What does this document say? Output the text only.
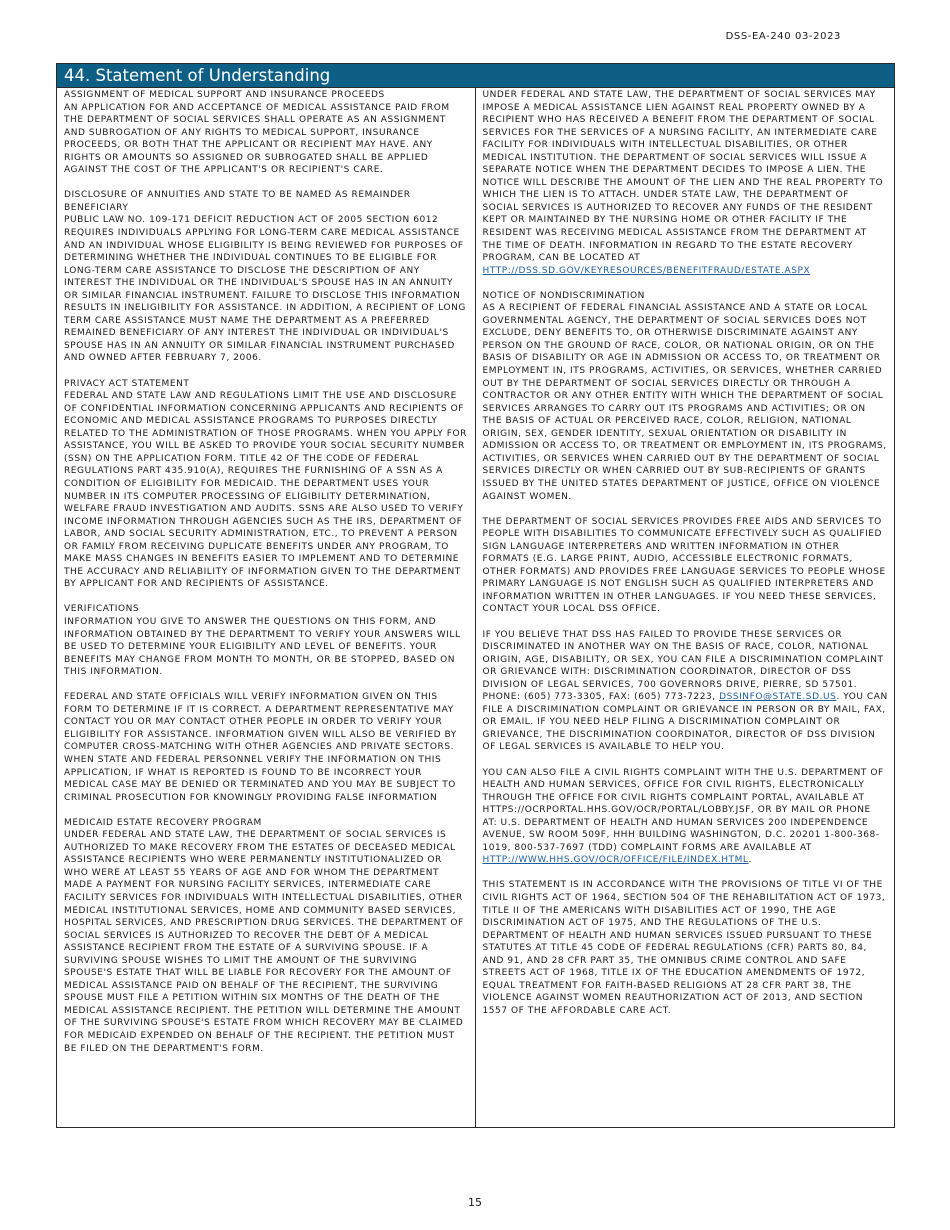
DSS-EA-240 03-2023
44. Statement of Understanding

ASSIGNMENT OF MEDICAL SUPPORT AND INSURANCE PROCEEDS

AN APPLICATION FOR AND ACCEPTANCE OF MEDICAL ASSISTANCE PAID FROM THE DEPARTMENT OF SOCIAL SERVICES SHALL OPERATE AS AN ASSIGNMENT AND SUBROGATION OF ANY RIGHTS TO MEDICAL SUPPORT, INSURANCE PROCEEDS, OR BOTH THAT THE APPLICANT OR RECIPIENT MAY HAVE. ANY RIGHTS OR AMOUNTS SO ASSIGNED OR SUBROGATED SHALL BE APPLIED AGAINST THE COST OF THE APPLICANT'S OR RECIPIENT'S CARE.

DISCLOSURE OF ANNUITIES AND STATE TO BE NAMED AS REMAINDER BENEFICIARY

PUBLIC LAW NO. 109-171 DEFICIT REDUCTION ACT OF 2005 SECTION 6012 REQUIRES INDIVIDUALS APPLYING FOR LONG-TERM CARE MEDICAL ASSISTANCE AND AN INDIVIDUAL WHOSE ELIGIBILITY IS BEING REVIEWED FOR PURPOSES OF DETERMINING WHETHER THE INDIVIDUAL CONTINUES TO BE ELIGIBLE FOR LONG-TERM CARE ASSISTANCE TO DISCLOSE THE DESCRIPTION OF ANY INTEREST THE INDIVIDUAL OR THE INDIVIDUAL'S SPOUSE HAS IN AN ANNUITY OR SIMILAR FINANCIAL INSTRUMENT. FAILURE TO DISCLOSE THIS INFORMATION RESULTS IN INELIGIBILITY FOR ASSISTANCE. IN ADDITION, A RECIPIENT OF LONG TERM CARE ASSISTANCE MUST NAME THE DEPARTMENT AS A PREFERRED REMAINED BENEFICIARY OF ANY INTEREST THE INDIVIDUAL OR INDIVIDUAL'S SPOUSE HAS IN AN ANNUITY OR SIMILAR FINANCIAL INSTRUMENT PURCHASED AND OWNED AFTER FEBRUARY 7, 2006.

PRIVACY ACT STATEMENT

FEDERAL AND STATE LAW AND REGULATIONS LIMIT THE USE AND DISCLOSURE OF CONFIDENTIAL INFORMATION CONCERNING APPLICANTS AND RECIPIENTS OF ECONOMIC AND MEDICAL ASSISTANCE PROGRAMS TO PURPOSES DIRECTLY RELATED TO THE ADMINISTRATION OF THOSE PROGRAMS. WHEN YOU APPLY FOR ASSISTANCE, YOU WILL BE ASKED TO PROVIDE YOUR SOCIAL SECURITY NUMBER (SSN) ON THE APPLICATION FORM. TITLE 42 OF THE CODE OF FEDERAL REGULATIONS PART 435.910(A), REQUIRES THE FURNISHING OF A SSN AS A CONDITION OF ELIGIBILITY FOR MEDICAID. THE DEPARTMENT USES YOUR NUMBER IN ITS COMPUTER PROCESSING OF ELIGIBILITY DETERMINATION, WELFARE FRAUD INVESTIGATION AND AUDITS. SSNS ARE ALSO USED TO VERIFY INCOME INFORMATION THROUGH AGENCIES SUCH AS THE IRS, DEPARTMENT OF LABOR, AND SOCIAL SECURITY ADMINISTRATION, ETC., TO PREVENT A PERSON OR FAMILY FROM RECEIVING DUPLICATE BENEFITS UNDER ANY PROGRAM, TO MAKE MASS CHANGES IN BENEFITS EASIER TO IMPLEMENT AND TO DETERMINE THE ACCURACY AND RELIABILITY OF INFORMATION GIVEN TO THE DEPARTMENT BY APPLICANT FOR AND RECIPIENTS OF ASSISTANCE.

VERIFICATIONS

INFORMATION YOU GIVE TO ANSWER THE QUESTIONS ON THIS FORM, AND INFORMATION OBTAINED BY THE DEPARTMENT TO VERIFY YOUR ANSWERS WILL BE USED TO DETERMINE YOUR ELIGIBILITY AND LEVEL OF BENEFITS. YOUR BENEFITS MAY CHANGE FROM MONTH TO MONTH, OR BE STOPPED, BASED ON THIS INFORMATION.

FEDERAL AND STATE OFFICIALS WILL VERIFY INFORMATION GIVEN ON THIS FORM TO DETERMINE IF IT IS CORRECT. A DEPARTMENT REPRESENTATIVE MAY CONTACT YOU OR MAY CONTACT OTHER PEOPLE IN ORDER TO VERIFY YOUR ELIGIBILITY FOR ASSISTANCE. INFORMATION GIVEN WILL ALSO BE VERIFIED BY COMPUTER CROSS-MATCHING WITH OTHER AGENCIES AND PRIVATE SECTORS. WHEN STATE AND FEDERAL PERSONNEL VERIFY THE INFORMATION ON THIS APPLICATION, IF WHAT IS REPORTED IS FOUND TO BE INCORRECT YOUR MEDICAL CASE MAY BE DENIED OR TERMINATED AND YOU MAY BE SUBJECT TO CRIMINAL PROSECUTION FOR KNOWINGLY PROVIDING FALSE INFORMATION

MEDICAID ESTATE RECOVERY PROGRAM

UNDER FEDERAL AND STATE LAW, THE DEPARTMENT OF SOCIAL SERVICES IS AUTHORIZED TO MAKE RECOVERY FROM THE ESTATES OF DECEASED MEDICAL ASSISTANCE RECIPIENTS WHO WERE PERMANENTLY INSTITUTIONALIZED OR WHO WERE AT LEAST 55 YEARS OF AGE AND FOR WHOM THE DEPARTMENT MADE A PAYMENT FOR NURSING FACILITY SERVICES, INTERMEDIATE CARE FACILITY SERVICES FOR INDIVIDUALS WITH INTELLECTUAL DISABILITIES, OTHER MEDICAL INSTITUTIONAL SERVICES, HOME AND COMMUNITY BASED SERVICES, HOSPITAL SERVICES, AND PRESCRIPTION DRUG SERVICES. THE DEPARTMENT OF SOCIAL SERVICES IS AUTHORIZED TO RECOVER THE DEBT OF A MEDICAL ASSISTANCE RECIPIENT FROM THE ESTATE OF A SURVIVING SPOUSE. IF A SURVIVING SPOUSE WISHES TO LIMIT THE AMOUNT OF THE SURVIVING SPOUSE'S ESTATE THAT WILL BE LIABLE FOR RECOVERY FOR THE AMOUNT OF MEDICAL ASSISTANCE PAID ON BEHALF OF THE RECIPIENT, THE SURVIVING SPOUSE MUST FILE A PETITION WITHIN SIX MONTHS OF THE DEATH OF THE MEDICAL ASSISTANCE RECIPIENT. THE PETITION WILL DETERMINE THE AMOUNT OF THE SURVIVING SPOUSE'S ESTATE FROM WHICH RECOVERY MAY BE CLAIMED FOR MEDICAID EXPENDED ON BEHALF OF THE RECIPIENT. THE PETITION MUST BE FILED ON THE DEPARTMENT'S FORM.

UNDER FEDERAL AND STATE LAW, THE DEPARTMENT OF SOCIAL SERVICES MAY IMPOSE A MEDICAL ASSISTANCE LIEN AGAINST REAL PROPERTY OWNED BY A RECIPIENT WHO HAS RECEIVED A BENEFIT FROM THE DEPARTMENT OF SOCIAL SERVICES FOR THE SERVICES OF A NURSING FACILITY, AN INTERMEDIATE CARE FACILITY FOR INDIVIDUALS WITH INTELLECTUAL DISABILITIES, OR OTHER MEDICAL INSTITUTION. THE DEPARTMENT OF SOCIAL SERVICES WILL ISSUE A SEPARATE NOTICE WHEN THE DEPARTMENT DECIDES TO IMPOSE A LIEN. THE NOTICE WILL DESCRIBE THE AMOUNT OF THE LIEN AND THE REAL PROPERTY TO WHICH THE LIEN IS TO ATTACH. UNDER STATE LAW, THE DEPARTMENT OF SOCIAL SERVICES IS AUTHORIZED TO RECOVER ANY FUNDS OF THE RESIDENT KEPT OR MAINTAINED BY THE NURSING HOME OR OTHER FACILITY IF THE RESIDENT WAS RECEIVING MEDICAL ASSISTANCE FROM THE DEPARTMENT AT THE TIME OF DEATH. INFORMATION IN REGARD TO THE ESTATE RECOVERY PROGRAM, CAN BE LOCATED AT HTTP://DSS.SD.GOV/KEYRESOURCES/BENEFITFRAUD/ESTATE.ASPX

NOTICE OF NONDISCRIMINATION

AS A RECIPIENT OF FEDERAL FINANCIAL ASSISTANCE AND A STATE OR LOCAL GOVERNMENTAL AGENCY, THE DEPARTMENT OF SOCIAL SERVICES DOES NOT EXCLUDE, DENY BENEFITS TO, OR OTHERWISE DISCRIMINATE AGAINST ANY PERSON ON THE GROUND OF RACE, COLOR, OR NATIONAL ORIGIN, OR ON THE BASIS OF DISABILITY OR AGE IN ADMISSION OR ACCESS TO, OR TREATMENT OR EMPLOYMENT IN, ITS PROGRAMS, ACTIVITIES, OR SERVICES, WHETHER CARRIED OUT BY THE DEPARTMENT OF SOCIAL SERVICES DIRECTLY OR THROUGH A CONTRACTOR OR ANY OTHER ENTITY WITH WHICH THE DEPARTMENT OF SOCIAL SERVICES ARRANGES TO CARRY OUT ITS PROGRAMS AND ACTIVITIES; OR ON THE BASIS OF ACTUAL OR PERCEIVED RACE, COLOR, RELIGION, NATIONAL ORIGIN, SEX, GENDER IDENTITY, SEXUAL ORIENTATION OR DISABILITY IN ADMISSION OR ACCESS TO, OR TREATMENT OR EMPLOYMENT IN, ITS PROGRAMS, ACTIVITIES, OR SERVICES WHEN CARRIED OUT BY THE DEPARTMENT OF SOCIAL SERVICES DIRECTLY OR WHEN CARRIED OUT BY SUB-RECIPIENTS OF GRANTS ISSUED BY THE UNITED STATES DEPARTMENT OF JUSTICE, OFFICE ON VIOLENCE AGAINST WOMEN.

THE DEPARTMENT OF SOCIAL SERVICES PROVIDES FREE AIDS AND SERVICES TO PEOPLE WITH DISABILITIES TO COMMUNICATE EFFECTIVELY SUCH AS QUALIFIED SIGN LANGUAGE INTERPRETERS AND WRITTEN INFORMATION IN OTHER FORMATS (E.G. LARGE PRINT, AUDIO, ACCESSIBLE ELECTRONIC FORMATS, OTHER FORMATS) AND PROVIDES FREE LANGUAGE SERVICES TO PEOPLE WHOSE PRIMARY LANGUAGE IS NOT ENGLISH SUCH AS QUALIFIED INTERPRETERS AND INFORMATION WRITTEN IN OTHER LANGUAGES. IF YOU NEED THESE SERVICES, CONTACT YOUR LOCAL DSS OFFICE.

IF YOU BELIEVE THAT DSS HAS FAILED TO PROVIDE THESE SERVICES OR DISCRIMINATED IN ANOTHER WAY ON THE BASIS OF RACE, COLOR, NATIONAL ORIGIN, AGE, DISABILITY, OR SEX, YOU CAN FILE A DISCRIMINATION COMPLAINT OR GRIEVANCE WITH: DISCRIMINATION COORDINATOR, DIRECTOR OF DSS DIVISION OF LEGAL SERVICES, 700 GOVERNORS DRIVE, PIERRE, SD 57501. PHONE: (605) 773-3305, FAX: (605) 773-7223, DSSINFO@STATE.SD.US. YOU CAN FILE A DISCRIMINATION COMPLAINT OR GRIEVANCE IN PERSON OR BY MAIL, FAX, OR EMAIL. IF YOU NEED HELP FILING A DISCRIMINATION COMPLAINT OR GRIEVANCE, THE DISCRIMINATION COORDINATOR, DIRECTOR OF DSS DIVISION OF LEGAL SERVICES IS AVAILABLE TO HELP YOU.

YOU CAN ALSO FILE A CIVIL RIGHTS COMPLAINT WITH THE U.S. DEPARTMENT OF HEALTH AND HUMAN SERVICES, OFFICE FOR CIVIL RIGHTS, ELECTRONICALLY THROUGH THE OFFICE FOR CIVIL RIGHTS COMPLAINT PORTAL, AVAILABLE AT HTTPS://OCRPORTAL.HHS.GOV/OCR/PORTAL/LOBBY.JSF, OR BY MAIL OR PHONE AT: U.S. DEPARTMENT OF HEALTH AND HUMAN SERVICES 200 INDEPENDENCE AVENUE, SW ROOM 509F, HHH BUILDING WASHINGTON, D.C. 20201 1-800-368-1019, 800-537-7697 (TDD) COMPLAINT FORMS ARE AVAILABLE AT HTTP://WWW.HHS.GOV/OCR/OFFICE/FILE/INDEX.HTML.

THIS STATEMENT IS IN ACCORDANCE WITH THE PROVISIONS OF TITLE VI OF THE CIVIL RIGHTS ACT OF 1964, SECTION 504 OF THE REHABILITATION ACT OF 1973, TITLE II OF THE AMERICANS WITH DISABILITIES ACT OF 1990, THE AGE DISCRIMINATION ACT OF 1975, AND THE REGULATIONS OF THE U.S. DEPARTMENT OF HEALTH AND HUMAN SERVICES ISSUED PURSUANT TO THESE STATUTES AT TITLE 45 CODE OF FEDERAL REGULATIONS (CFR) PARTS 80, 84, AND 91, AND 28 CFR PART 35, THE OMNIBUS CRIME CONTROL AND SAFE STREETS ACT OF 1968, TITLE IX OF THE EDUCATION AMENDMENTS OF 1972, EQUAL TREATMENT FOR FAITH-BASED RELIGIONS AT 28 CFR PART 38, THE VIOLENCE AGAINST WOMEN REAUTHORIZATION ACT OF 2013, AND SECTION 1557 OF THE AFFORDABLE CARE ACT.

15
